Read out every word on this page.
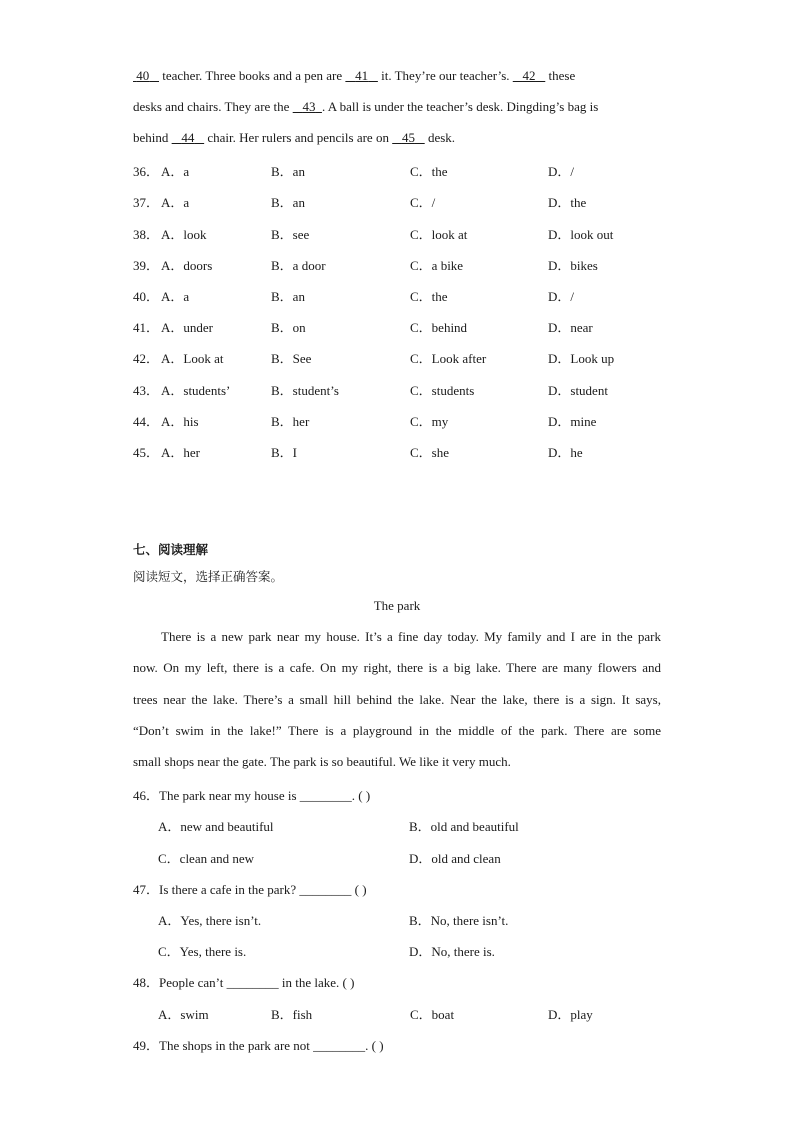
40    teacher. Three books and a pen are    41    it. They’re our teacher’s.    42    these
desks and chairs. They are the    43 . A ball is under the teacher’s desk. Dingding’s bag is
behind    44    chair. Her rulers and pencils are on    45    desk.
36． A．a	B．an	C．the	D．/
37． A．a	B．an	C．/	D．the
38． A．look	B．see	C．look at	D．look out
39． A．doors	B．a door	C．a bike	D．bikes
40． A．a	B．an	C．the	D．/
41． A．under	B．on	C．behind	D．near
42． A．Look at	B．See	C．Look after	D．Look up
43． A．students’	B．student’s	C．students	D．student
44． A．his	B．her	C．my	D．mine
45． A．her	B．I	C．she	D．he
七、阅读理解
阅读短文，选择正确答案。
The park
There is a new park near my house. It’s a fine day today. My family and I are in the park
now. On my left, there is a cafe. On my right, there is a big lake. There are many flowers and
trees near the lake. There’s a small hill behind the lake. Near the lake, there is a sign. It says,
“Don’t swim in the lake!” There is a playground in the middle of the park. There are some
small shops near the gate. The park is so beautiful. We like it very much.
46．The park near my house is ________. ( )
A．new and beautiful	B．old and beautiful
C．clean and new	D．old and clean
47．Is there a cafe in the park? ________ ( )
A．Yes, there isn’t.	B．No, there isn’t.
C．Yes, there is.	D．No, there is.
48．People can’t ________ in the lake. ( )
A．swim	B．fish	C．boat	D．play
49．The shops in the park are not ________. ( )
